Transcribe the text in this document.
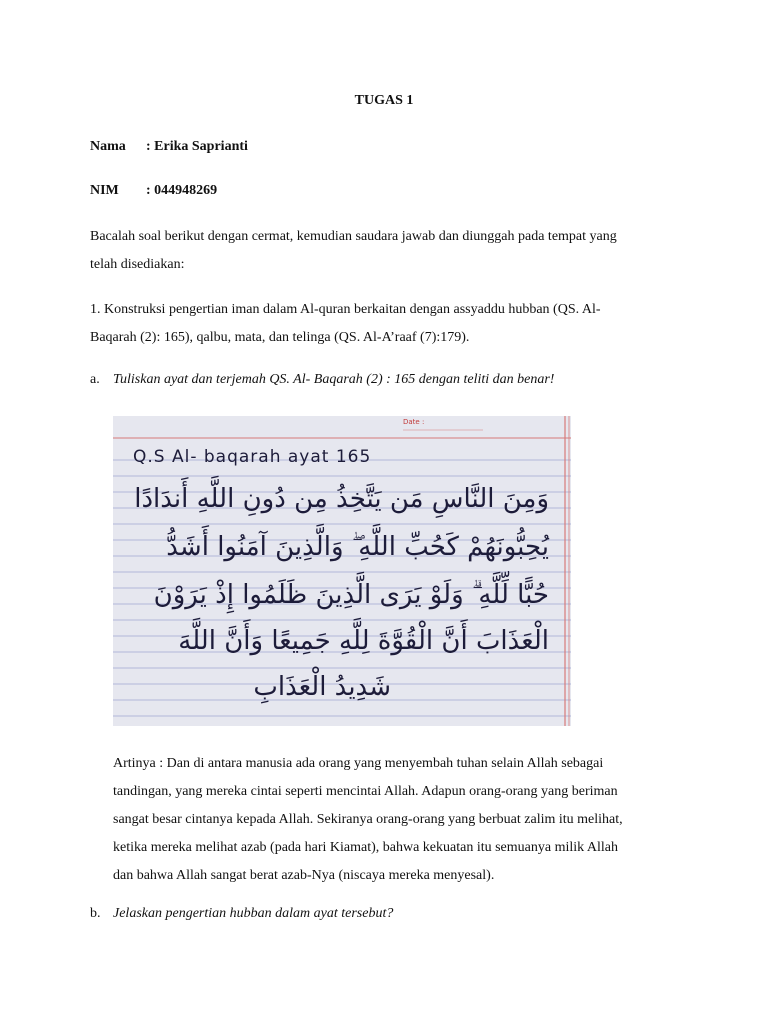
TUGAS 1

Nama : Erika Saprianti
NIM : 044948269
Bacalah soal berikut dengan cermat, kemudian saudara jawab dan diunggah pada tempat yang
telah disediakan:
1. Konstruksi pengertian iman dalam Al-quran berkaitan dengan assyaddu hubban (QS. Al-
Baqarah (2): 165), qalbu, mata, dan telinga (QS. Al-A’raaf (7):179).
a. Tuliskan ayat dan terjemah QS. Al- Baqarah (2) : 165 dengan teliti dan benar!
Date :
Q.S Al- baqarah ayat 165
وَمِنَ النَّاسِ مَن يَتَّخِذُ مِن دُونِ اللَّهِ أَندَادًا
يُحِبُّونَهُمْ كَحُبِّ اللَّهِ ۖ وَالَّذِينَ آمَنُوا أَشَدُّ
حُبًّا لِّلَّهِ ۗ وَلَوْ يَرَى الَّذِينَ ظَلَمُوا إِذْ يَرَوْنَ
الْعَذَابَ أَنَّ الْقُوَّةَ لِلَّهِ جَمِيعًا وَأَنَّ اللَّهَ
شَدِيدُ الْعَذَابِ
Artinya : Dan di antara manusia ada orang yang menyembah tuhan selain Allah sebagai
tandingan, yang mereka cintai seperti mencintai Allah. Adapun orang-orang yang beriman
sangat besar cintanya kepada Allah. Sekiranya orang-orang yang berbuat zalim itu melihat,
ketika mereka melihat azab (pada hari Kiamat), bahwa kekuatan itu semuanya milik Allah
dan bahwa Allah sangat berat azab-Nya (niscaya mereka menyesal).
b. Jelaskan pengertian hubban dalam ayat tersebut?
